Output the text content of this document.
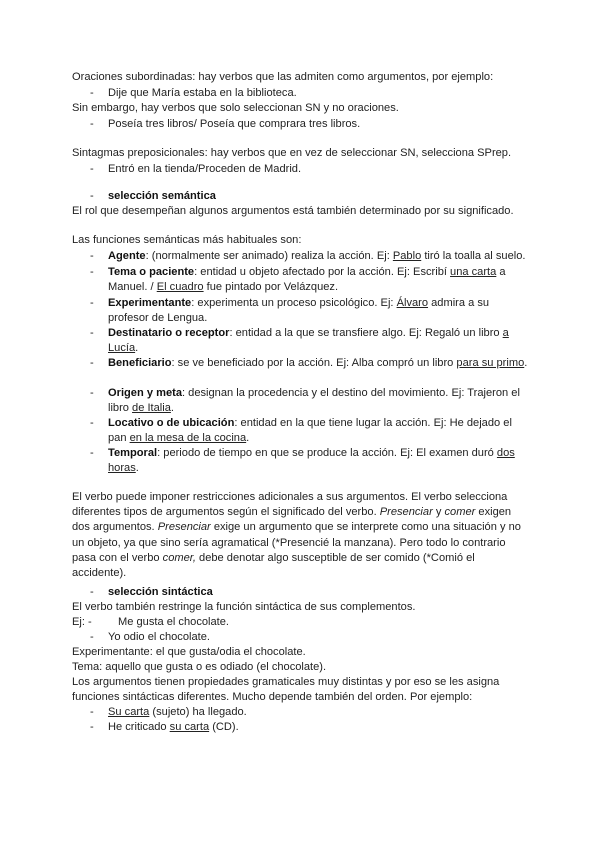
Oraciones subordinadas: hay verbos que las admiten como argumentos, por ejemplo:
- Dije que María estaba en la biblioteca.
Sin embargo, hay verbos que solo seleccionan SN y no oraciones.
- Poseía tres libros/ Poseía que comprara tres libros.
Sintagmas preposicionales: hay verbos que en vez de seleccionar SN, selecciona SPrep.
- Entró en la tienda/Proceden de Madrid.
- selección semántica
El rol que desempeñan algunos argumentos está también determinado por su significado.
Las funciones semánticas más habituales son:
- Agente: (normalmente ser animado) realiza la acción. Ej: Pablo tiró la toalla al suelo.
- Tema o paciente: entidad u objeto afectado por la acción. Ej: Escribí una carta a Manuel. / El cuadro fue pintado por Velázquez.
- Experimentante: experimenta un proceso psicológico. Ej: Álvaro admira a su profesor de Lengua.
- Destinatario o receptor: entidad a la que se transfiere algo. Ej: Regaló un libro a Lucía.
- Beneficiario: se ve beneficiado por la acción. Ej: Alba compró un libro para su primo.
- Origen y meta: designan la procedencia y el destino del movimiento. Ej: Trajeron el libro de Italia.
- Locativo o de ubicación: entidad en la que tiene lugar la acción. Ej: He dejado el pan en la mesa de la cocina.
- Temporal: periodo de tiempo en que se produce la acción. Ej: El examen duró dos horas.
El verbo puede imponer restricciones adicionales a sus argumentos. El verbo selecciona diferentes tipos de argumentos según el significado del verbo. Presenciar y comer exigen dos argumentos. Presenciar exige un argumento que se interprete como una situación y no un objeto, ya que sino sería agramatical (*Presencié la manzana). Pero todo lo contrario pasa con el verbo comer, debe denotar algo susceptible de ser comido (*Comió el accidente).
- selección sintáctica
El verbo también restringe la función sintáctica de sus complementos.
Ej: -	Me gusta el chocolate.
- Yo odio el chocolate.
Experimentante: el que gusta/odia el chocolate.
Tema: aquello que gusta o es odiado (el chocolate).
Los argumentos tienen propiedades gramaticales muy distintas y por eso se les asigna funciones sintácticas diferentes. Mucho depende también del orden. Por ejemplo:
- Su carta (sujeto) ha llegado.
- He criticado su carta (CD).
